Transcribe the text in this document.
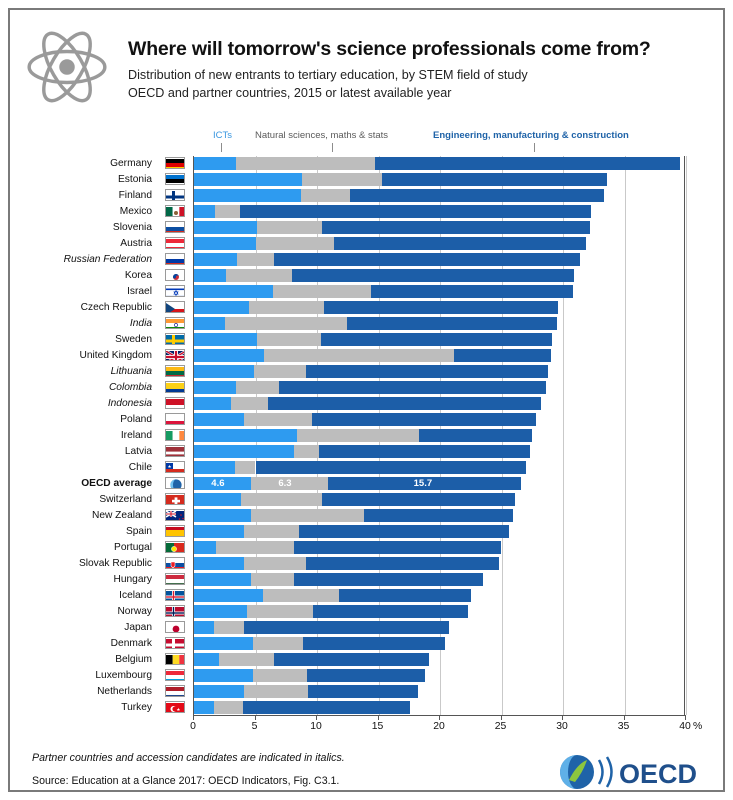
Where will tomorrow's science professionals come from?
Distribution of new entrants to tertiary education, by STEM field of study
OECD and partner countries, 2015 or latest available year
ICTs Natural sciences, maths & stats	Engineering, manufacturing & construction
Germany
Estonia
Finland
Mexico
Slovenia
Austria
Russian Federation
Korea
Israel
Czech Republic
India
Sweden
United Kingdom
Lithuania
Colombia
Indonesia
Poland
Ireland
Latvia
Chile	★
OECD average
Switzerland
New Zealand
Spain
Portugal
Slovak Republic
Hungary
Iceland
Norway
Japan
Denmark
Belgium
Luxembourg
Netherlands
Turkey	★
4.6	6.3	15.7
0	5	10	15	20	25	30	35	40 %
Partner countries and accession candidates are indicated in italics.
Source: Education at a Glance 2017: OECD Indicators, Fig. C3.1.	OECD
